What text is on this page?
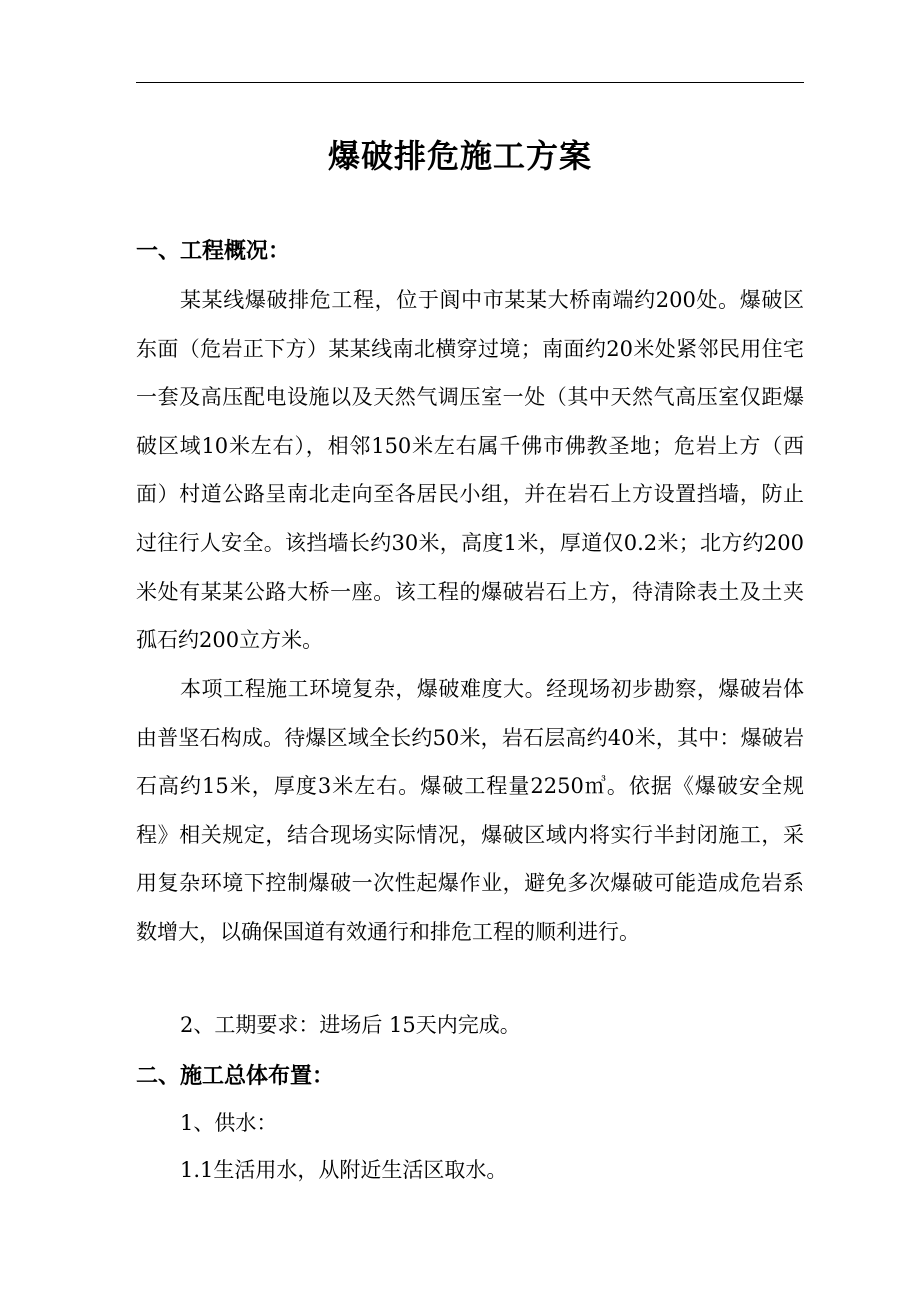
爆破排危施工方案
一、工程概况：

某某线爆破排危工程，位于阆中市某某大桥南端约200处。爆破区东面（危岩正下方）某某线南北横穿过境；南面约20米处紧邻民用住宅一套及高压配电设施以及天然气调压室一处（其中天然气高压室仅距爆破区域10米左右），相邻150米左右属千佛市佛教圣地；危岩上方（西面）村道公路呈南北走向至各居民小组，并在岩石上方设置挡墙，防止过往行人安全。该挡墙长约30米，高度1米，厚道仅0.2米；北方约200米处有某某公路大桥一座。该工程的爆破岩石上方，待清除表土及土夹孤石约200立方米。

本项工程施工环境复杂，爆破难度大。经现场初步勘察，爆破岩体由普坚石构成。待爆区域全长约50米，岩石层高约40米，其中：爆破岩石高约15米，厚度3米左右。爆破工程量2250㎥。依据《爆破安全规程》相关规定，结合现场实际情况，爆破区域内将实行半封闭施工，采用复杂环境下控制爆破一次性起爆作业，避免多次爆破可能造成危岩系数增大，以确保国道有效通行和排危工程的顺利进行。

2、工期要求：进场后 15天内完成。
二、施工总体布置：
1、供水：
1.1生活用水，从附近生活区取水。
